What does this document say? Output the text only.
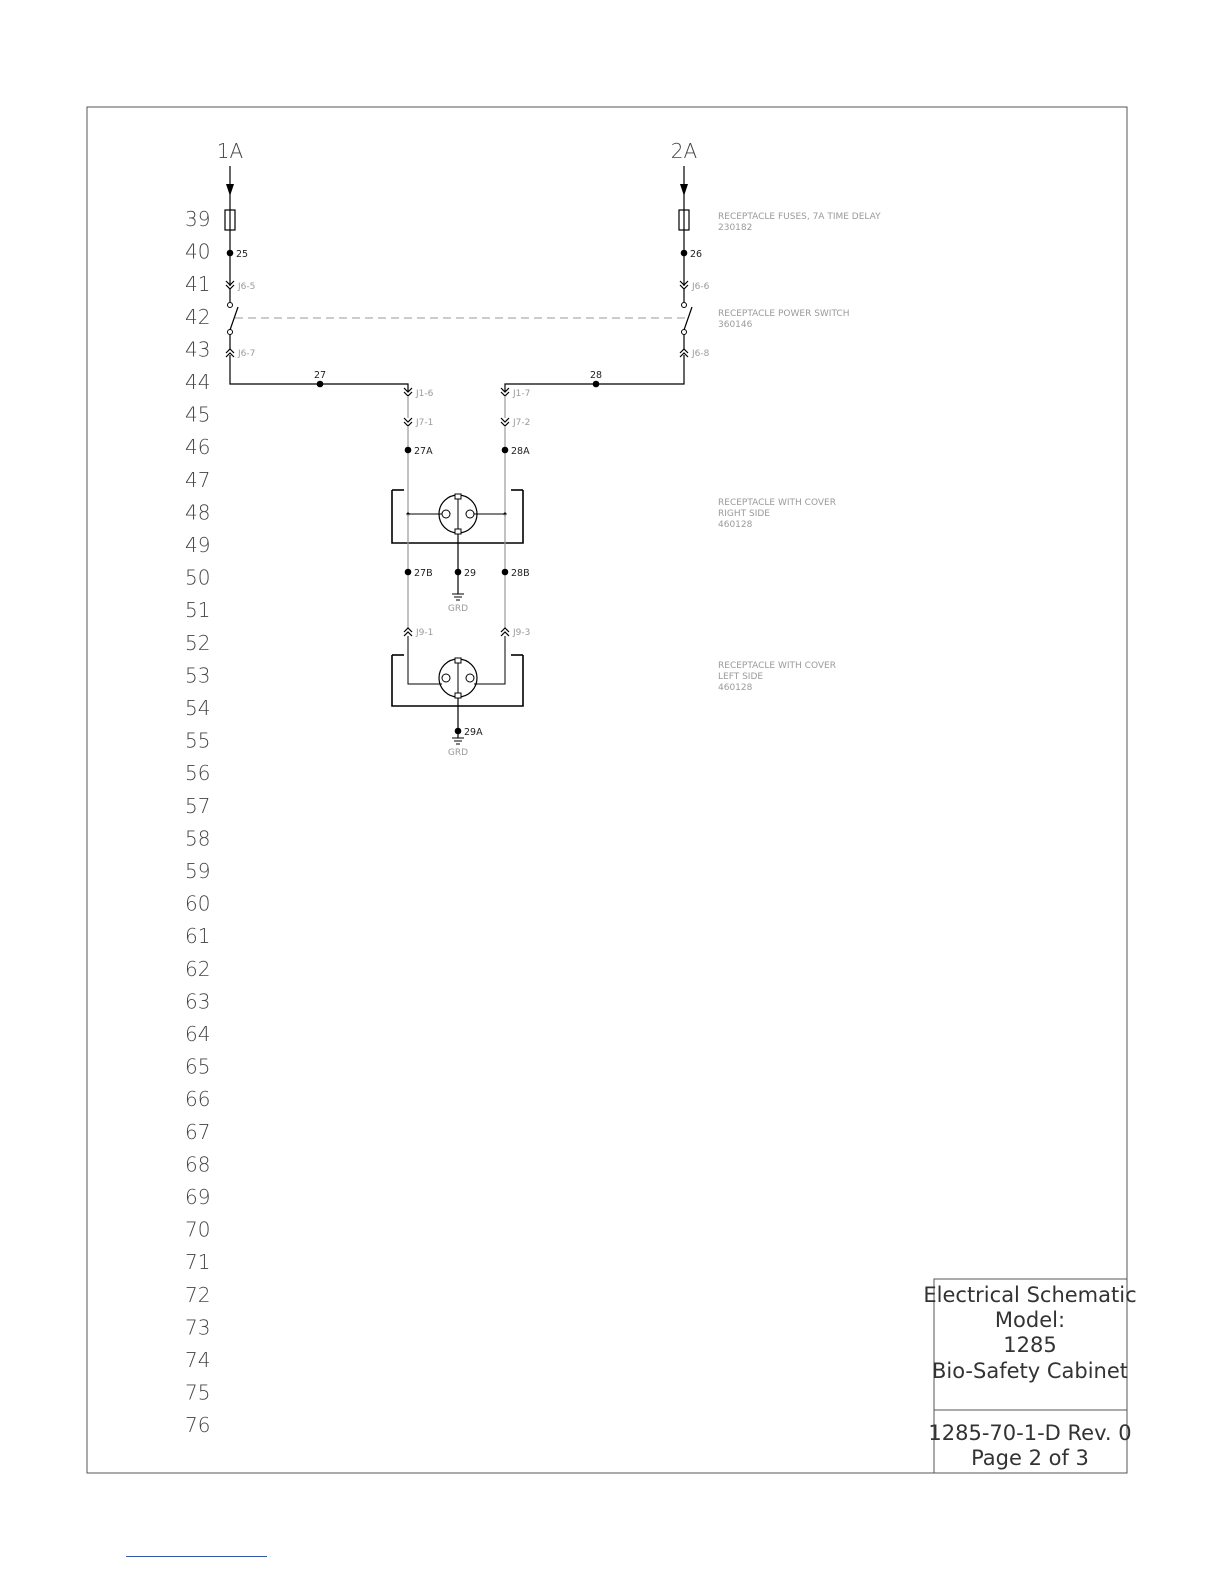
39
40
41
42
43
44
45
46
47
48
49
50
51
52
53
54
55
56
57
58
59
60
61
62
63
64
65
66
67
68
69
70
71
72
73
74
75
76
1A	2A
25	26
J6-5	J6-6
J6-7	J6-8
27	28
J1-6	J1-7
J7-1	J7-2
27A	28A
27B	29	28B
GRD
J9-1	J9-3
29A
GRD
RECEPTACLE FUSES, 7A TIME DELAY
230182
RECEPTACLE POWER SWITCH
360146
RECEPTACLE WITH COVER
RIGHT SIDE
460128
RECEPTACLE WITH COVER
LEFT SIDE
460128
Electrical Schematic
Model:
1285
Bio-Safety Cabinet
1285-70-1-D Rev. 0
Page 2 of 3
